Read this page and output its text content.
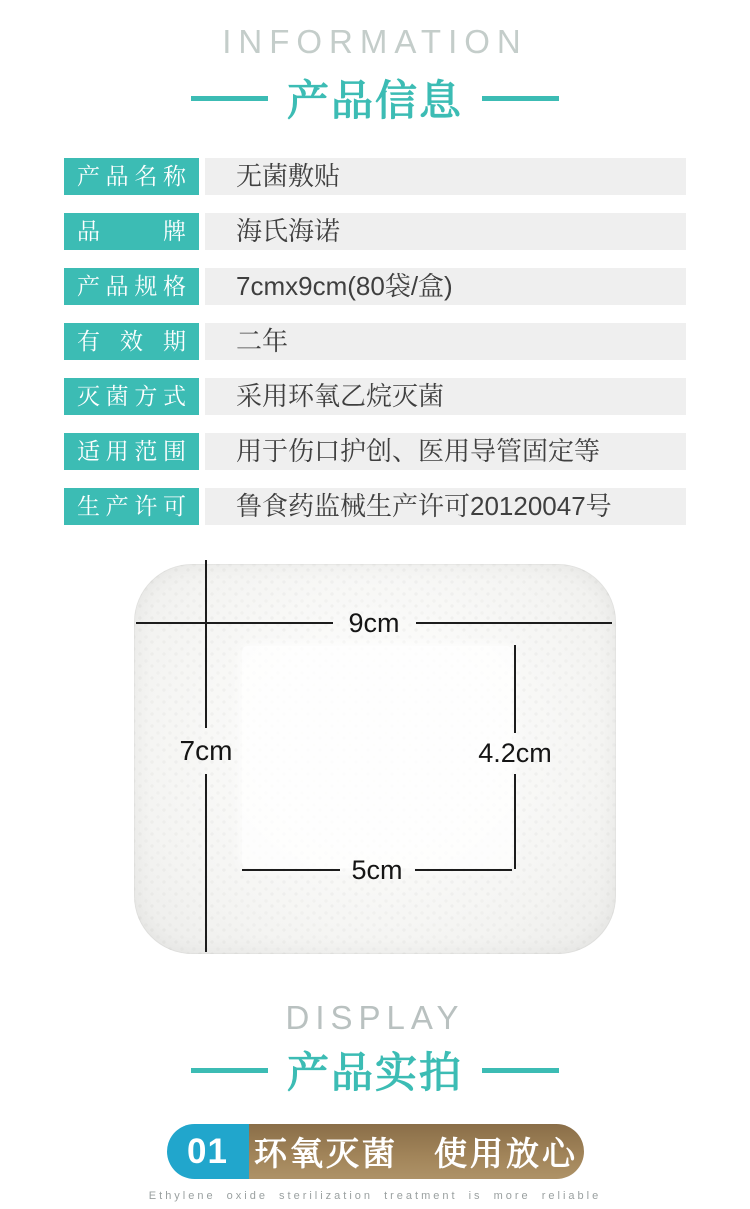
INFORMATION
产品信息
产品名称	无菌敷贴
品牌	海氏海诺
产品规格	7cmx9cm(80袋/盒)
有效期	二年
灭菌方式	采用环氧乙烷灭菌
适用范围	用于伤口护创、医用导管固定等
生产许可	鲁食药监械生产许可20120047号
9cm
7cm	4.2cm
5cm
DISPLAY
产品实拍
01 环氧灭菌　使用放心
Ethylene oxide sterilization treatment is more reliable
